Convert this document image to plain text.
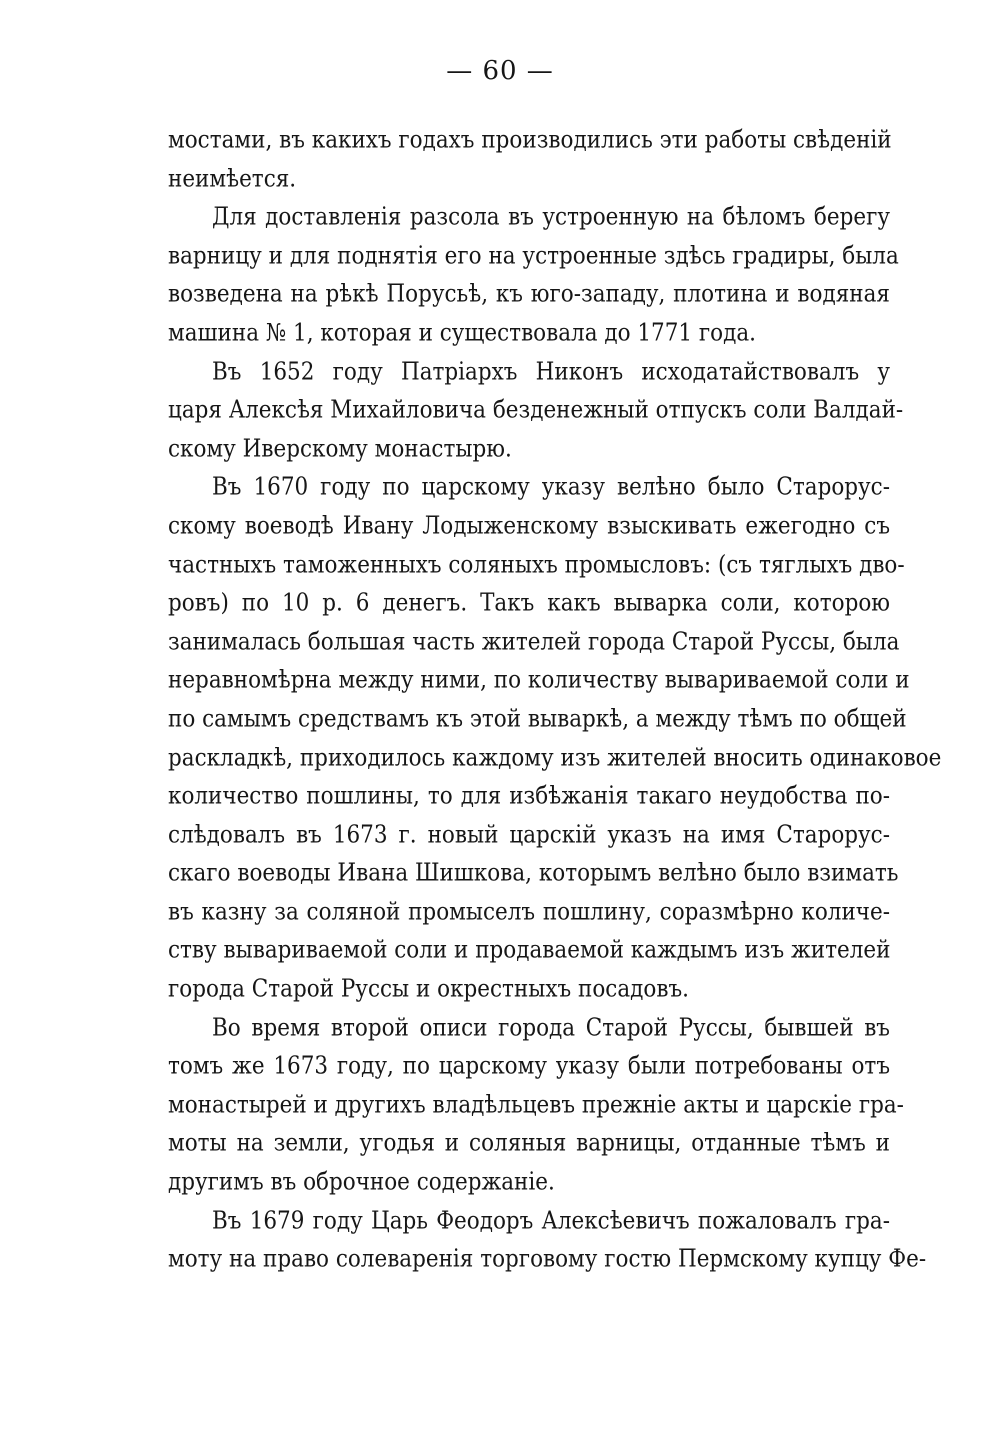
— 60 —
мостами, въ какихъ годахъ производились эти работы свѣденій
неимѣется.
Для доставленія разсола въ устроенную на бѣломъ берегу
варницу и для поднятія его на устроенные здѣсь градиры, была
возведена на рѣкѣ Порусьѣ, къ юго-западу, плотина и водяная
машина № 1, которая и существовала до 1771 года.
Въ 1652 году Патріархъ Никонъ исходатайствовалъ у
царя Алексѣя Михайловича безденежный отпускъ соли Валдай-
скому Иверскому монастырю.
Въ 1670 году по царскому указу велѣно было Старорус-
скому воеводѣ Ивану Лодыженскому взыскивать ежегодно съ
частныхъ таможенныхъ соляныхъ промысловъ: (съ тяглыхъ дво-
ровъ) по 10 р. 6 денегъ. Такъ какъ выварка соли, которою
занималась большая часть жителей города Старой Руссы, была
неравномѣрна между ними, по количеству вывариваемой соли и
по самымъ средствамъ къ этой вываркѣ, а между тѣмъ по общей
раскладкѣ, приходилось каждому изъ жителей вносить одинаковое
количество пошлины, то для избѣжанія такаго неудобства по-
слѣдовалъ въ 1673 г. новый царскій указъ на имя Старорус-
скаго воеводы Ивана Шишкова, которымъ велѣно было взимать
въ казну за соляной промыселъ пошлину, соразмѣрно количе-
ству вывариваемой соли и продаваемой каждымъ изъ жителей
города Старой Руссы и окрестныхъ посадовъ.
Во время второй описи города Старой Руссы, бывшей въ
томъ же 1673 году, по царскому указу были потребованы отъ
монастырей и другихъ владѣльцевъ прежніе акты и царскіе гра-
моты на земли, угодья и соляныя варницы, отданные тѣмъ и
другимъ въ оброчное содержаніе.
Въ 1679 году Царь Феодоръ Алексѣевичъ пожаловалъ гра-
моту на право солеваренія торговому гостю Пермскому купцу Фе-
